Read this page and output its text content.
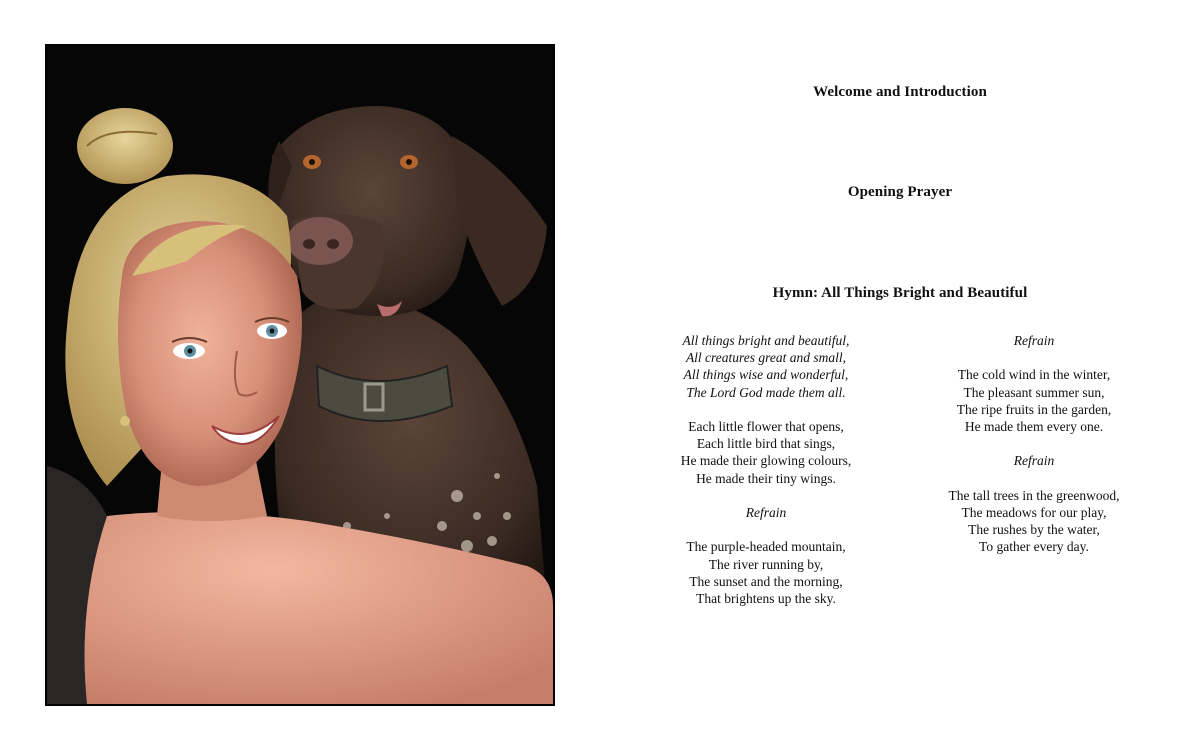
Welcome and Introduction
Opening Prayer
Hymn: All Things Bright and Beautiful
All things bright and beautiful,
All creatures great and small,
All things wise and wonderful,
The Lord God made them all.
Each little flower that opens,
Each little bird that sings,
He made their glowing colours,
He made their tiny wings.
Refrain
The purple-headed mountain,
The river running by,
The sunset and the morning,
That brightens up the sky.
Refrain
The cold wind in the winter,
The pleasant summer sun,
The ripe fruits in the garden,
He made them every one.
Refrain
The tall trees in the greenwood,
The meadows for our play,
The rushes by the water,
To gather every day.
